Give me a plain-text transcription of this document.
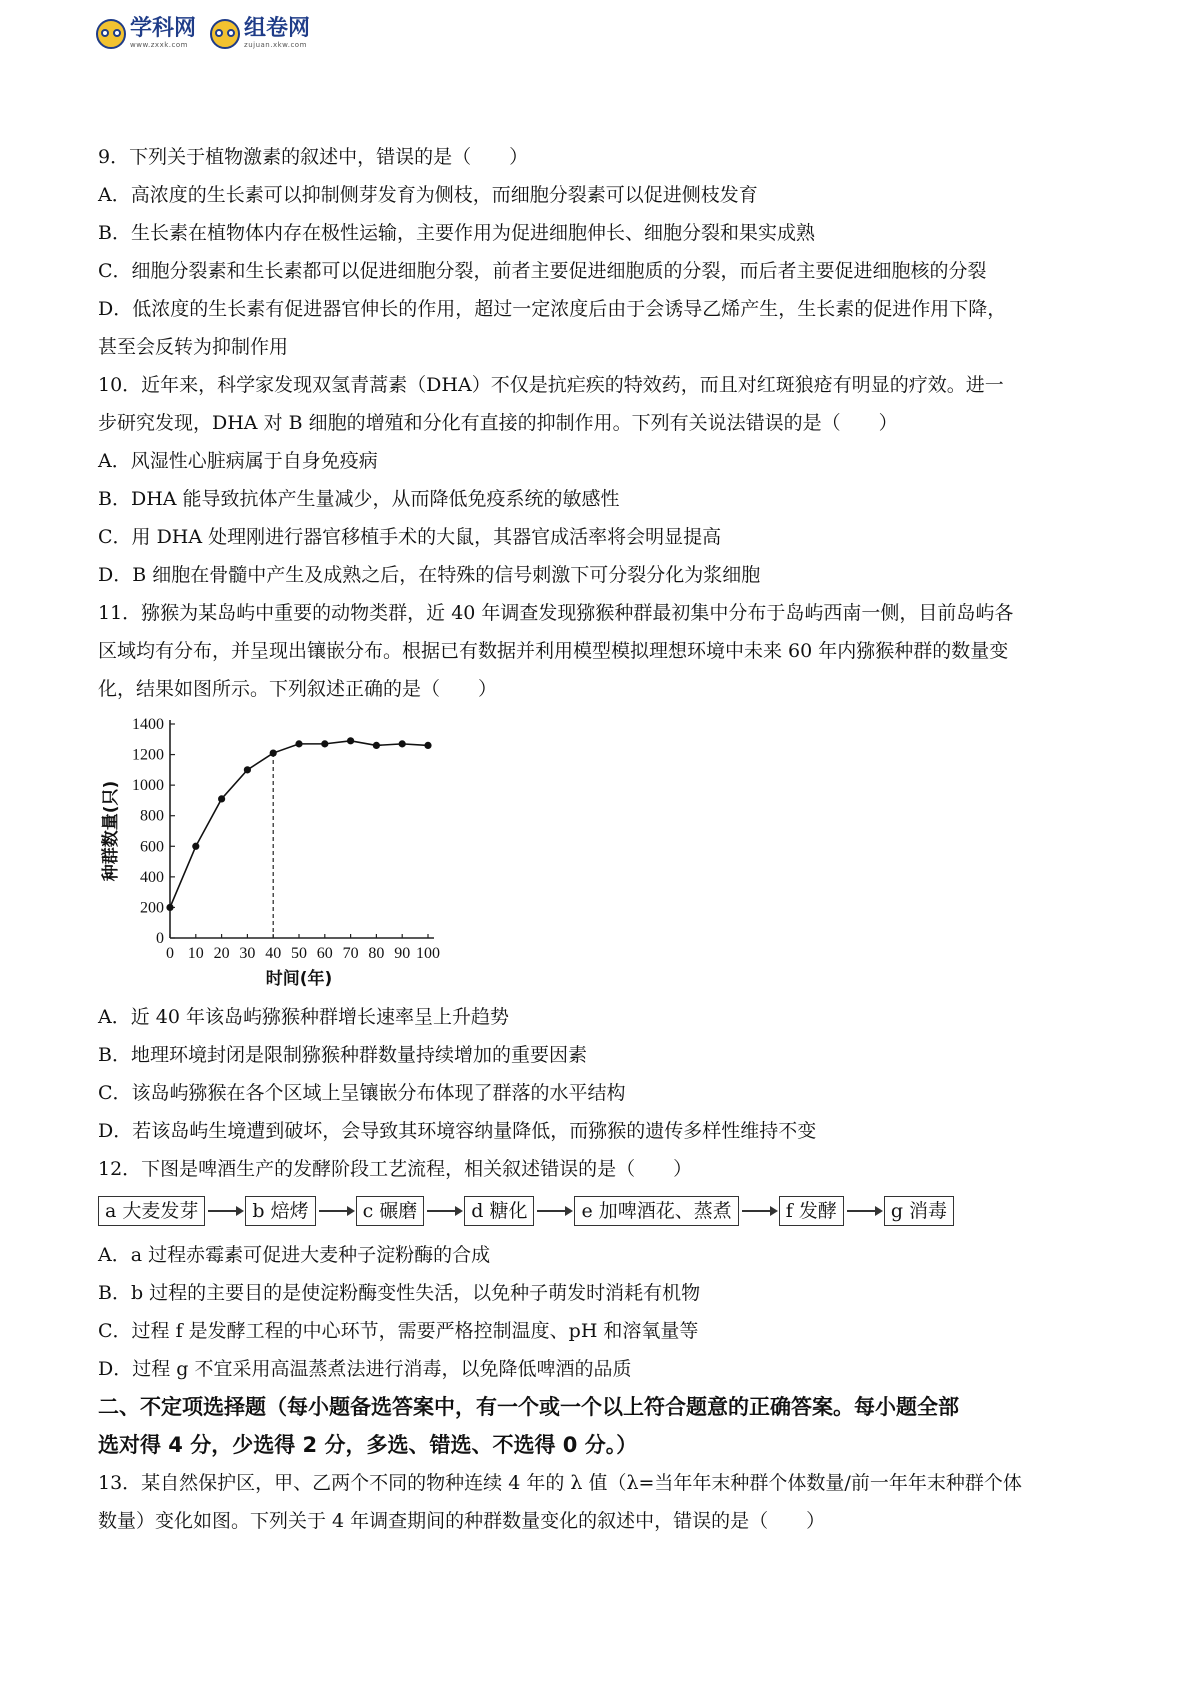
学科网
www.zxxk.com
组卷网
zujuan.xkw.com
9．下列关于植物激素的叙述中，错误的是（　　）
A．高浓度的生长素可以抑制侧芽发育为侧枝，而细胞分裂素可以促进侧枝发育
B．生长素在植物体内存在极性运输，主要作用为促进细胞伸长、细胞分裂和果实成熟
C．细胞分裂素和生长素都可以促进细胞分裂，前者主要促进细胞质的分裂，而后者主要促进细胞核的分裂
D．低浓度的生长素有促进器官伸长的作用，超过一定浓度后由于会诱导乙烯产生，生长素的促进作用下降，
甚至会反转为抑制作用
10．近年来，科学家发现双氢青蒿素（DHA）不仅是抗疟疾的特效药，而且对红斑狼疮有明显的疗效。进一
步研究发现，DHA 对 B 细胞的增殖和分化有直接的抑制作用。下列有关说法错误的是（　　）
A．风湿性心脏病属于自身免疫病
B．DHA 能导致抗体产生量减少，从而降低免疫系统的敏感性
C．用 DHA 处理刚进行器官移植手术的大鼠，其器官成活率将会明显提高
D．B 细胞在骨髓中产生及成熟之后，在特殊的信号刺激下可分裂分化为浆细胞
11．猕猴为某岛屿中重要的动物类群，近 40 年调查发现猕猴种群最初集中分布于岛屿西南一侧，目前岛屿各
区域均有分布，并呈现出镶嵌分布。根据已有数据并利用模型模拟理想环境中未来 60 年内猕猴种群的数量变
化，结果如图所示。下列叙述正确的是（　　）
0
200
400
600
800
1000
1200
1400
0 10 20 30 40 50 60 70 80 90 100
时间(年)
种群数量(只)
A．近 40 年该岛屿猕猴种群增长速率呈上升趋势
B．地理环境封闭是限制猕猴种群数量持续增加的重要因素
C．该岛屿猕猴在各个区域上呈镶嵌分布体现了群落的水平结构
D．若该岛屿生境遭到破坏，会导致其环境容纳量降低，而猕猴的遗传多样性维持不变
12．下图是啤酒生产的发酵阶段工艺流程，相关叙述错误的是（　　）
a 大麦发芽	b 焙烤	c 碾磨	d 糖化	e 加啤酒花、蒸煮	f 发酵	g 消毒
A．a 过程赤霉素可促进大麦种子淀粉酶的合成
B．b 过程的主要目的是使淀粉酶变性失活，以免种子萌发时消耗有机物
C．过程 f 是发酵工程的中心环节，需要严格控制温度、pH 和溶氧量等
D．过程 g 不宜采用高温蒸煮法进行消毒，以免降低啤酒的品质
二、不定项选择题（每小题备选答案中，有一个或一个以上符合题意的正确答案。每小题全部
选对得 4 分，少选得 2 分，多选、错选、不选得 0 分。）
13．某自然保护区，甲、乙两个不同的物种连续 4 年的 λ 值（λ=当年年末种群个体数量/前一年年末种群个体
数量）变化如图。下列关于 4 年调查期间的种群数量变化的叙述中，错误的是（　　）
